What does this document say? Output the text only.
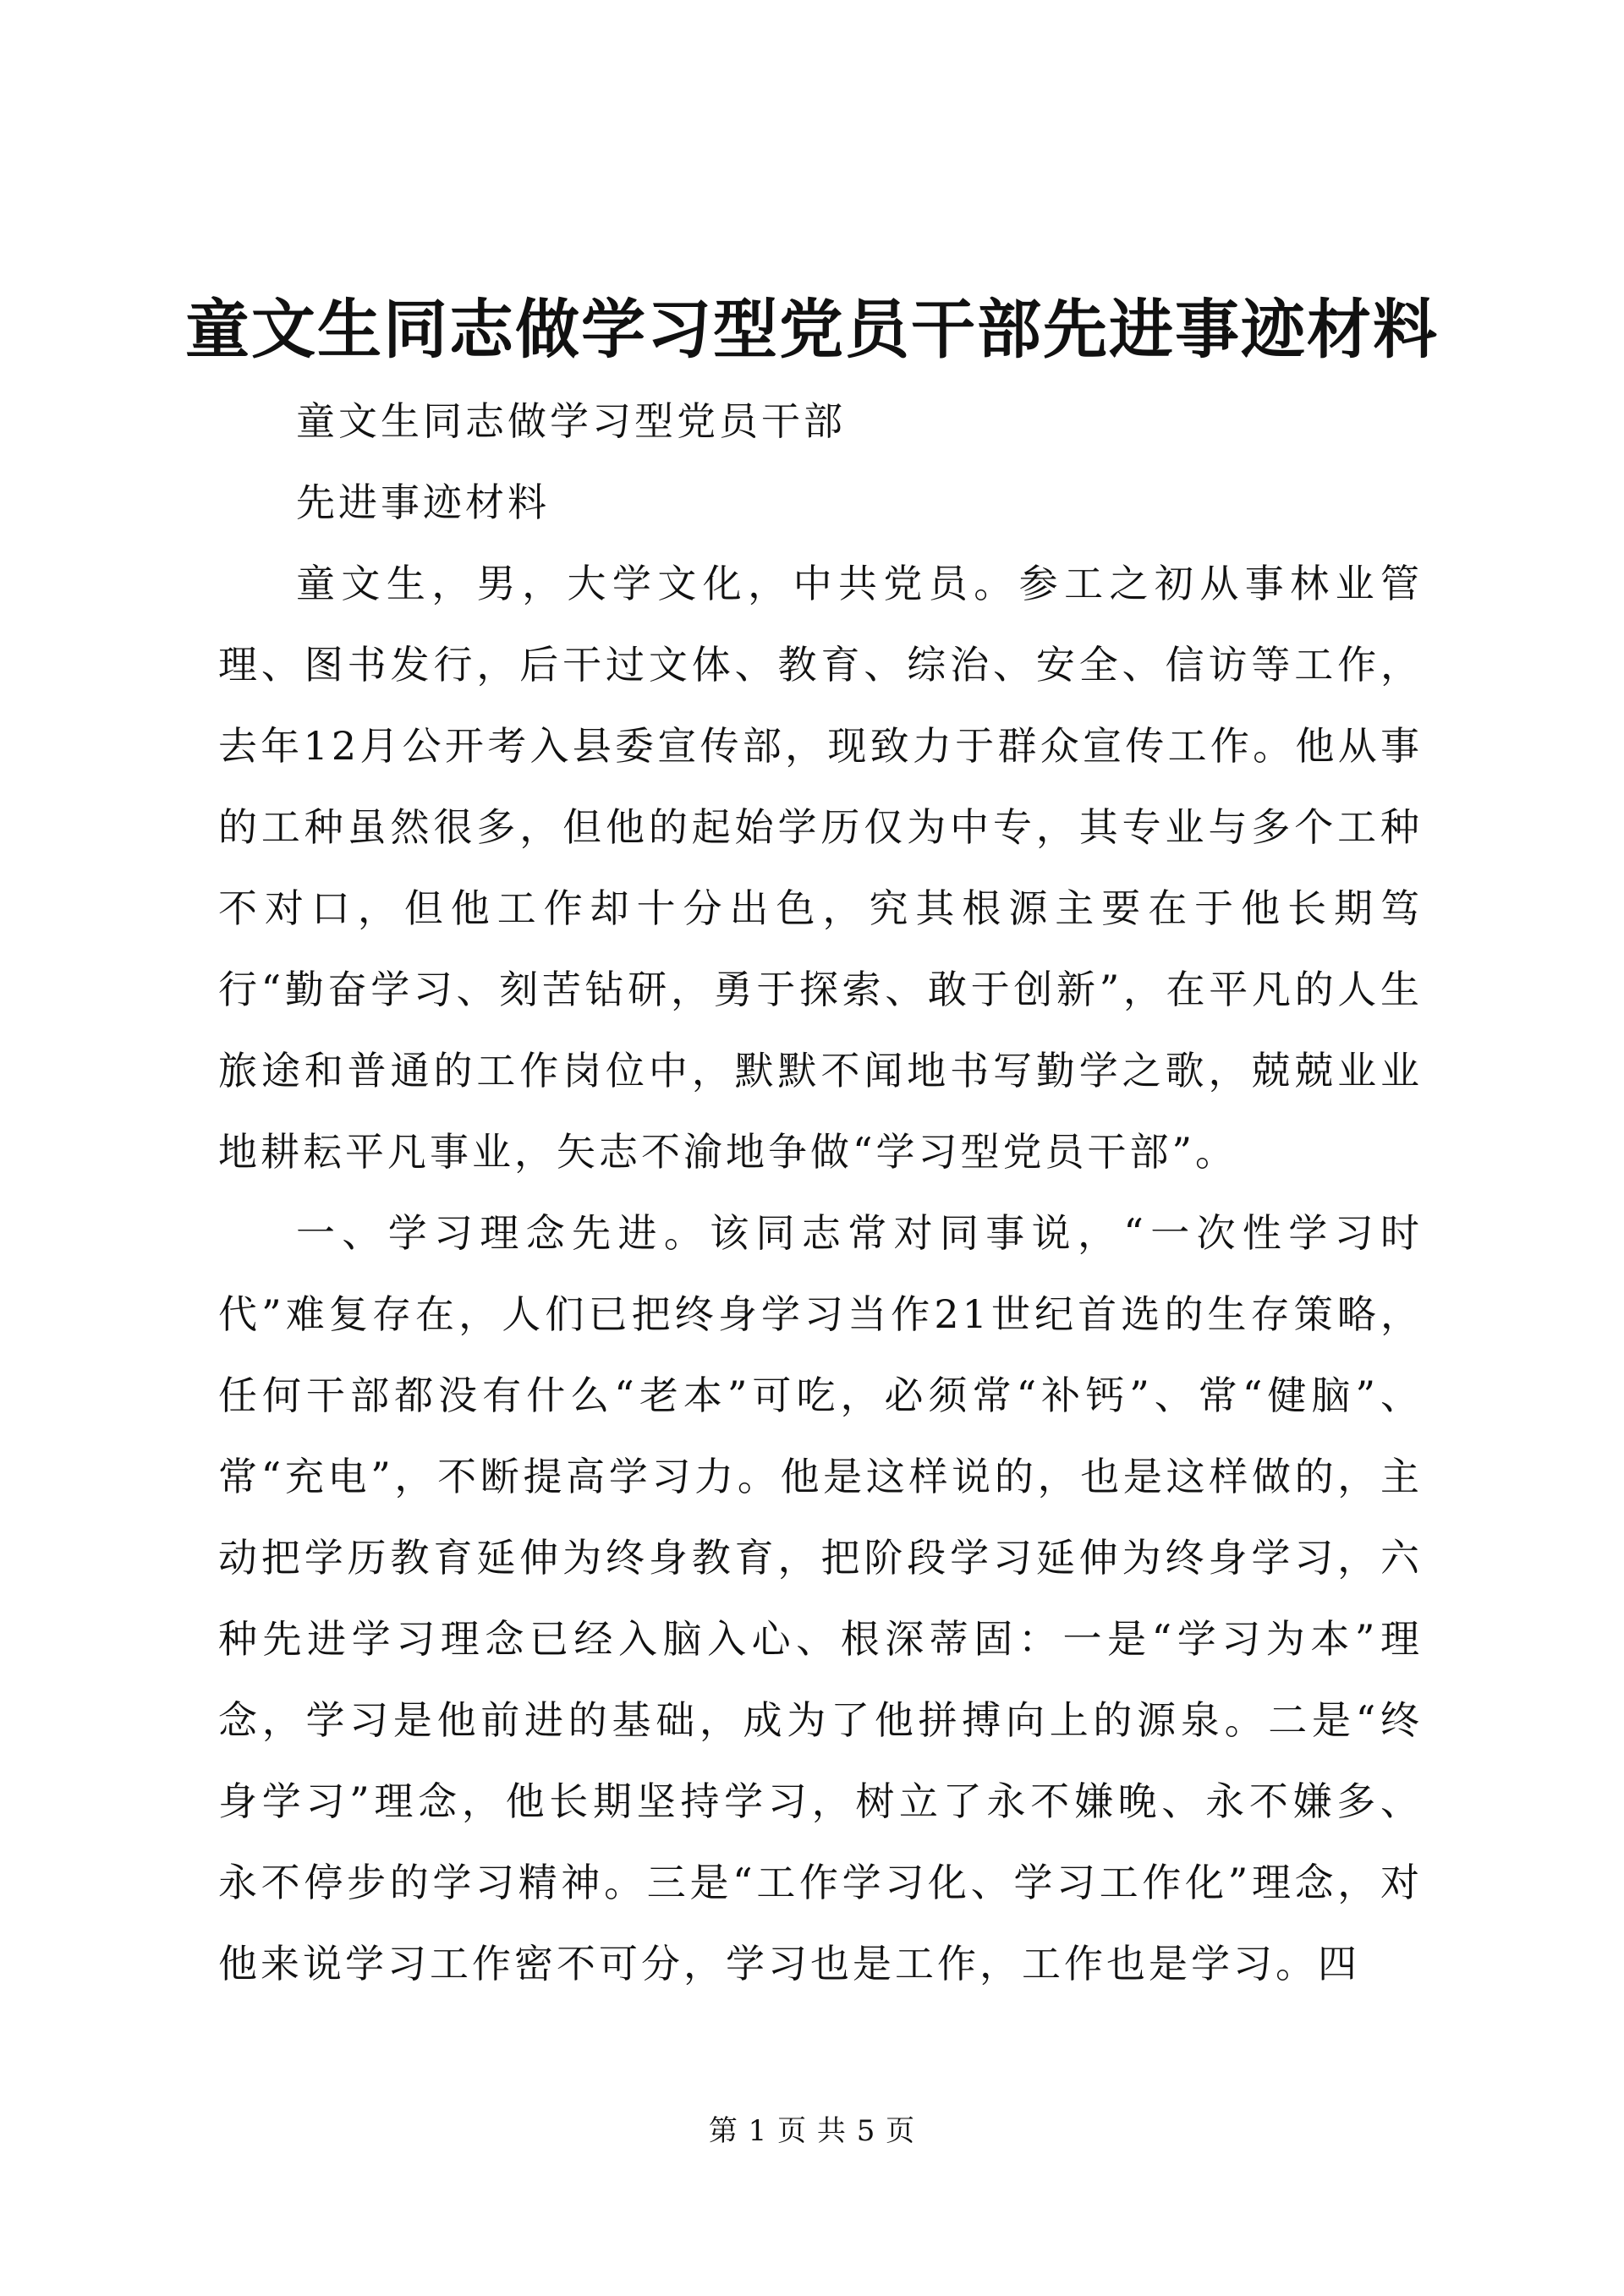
童文生同志做学习型党员干部先进事迹材料

童文生同志做学习型党员干部

先进事迹材料

童文生，男，大学文化，中共党员。参工之初从事林业管理、图书发行，后干过文体、教育、综治、安全、信访等工作，去年12月公开考入县委宣传部，现致力于群众宣传工作。他从事的工种虽然很多，但他的起始学历仅为中专，其专业与多个工种不对口，但他工作却十分出色，究其根源主要在于他长期笃行“勤奋学习、刻苦钻研，勇于探索、敢于创新”，在平凡的人生旅途和普通的工作岗位中，默默不闻地书写勤学之歌，兢兢业业地耕耘平凡事业，矢志不渝地争做“学习型党员干部”。

一、学习理念先进。该同志常对同事说，“一次性学习时代”难复存在，人们已把终身学习当作21世纪首选的生存策略，任何干部都没有什么“老本”可吃，必须常“补钙”、常“健脑”、常“充电”，不断提高学习力。他是这样说的，也是这样做的，主动把学历教育延伸为终身教育，把阶段学习延伸为终身学习，六种先进学习理念已经入脑入心、根深蒂固：一是“学习为本”理念，学习是他前进的基础，成为了他拼搏向上的源泉。二是“终身学习”理念，他长期坚持学习，树立了永不嫌晚、永不嫌多、永不停步的学习精神。三是“工作学习化、学习工作化”理念，对他来说学习工作密不可分，学习也是工作，工作也是学习。四

第 1 页 共 5 页
